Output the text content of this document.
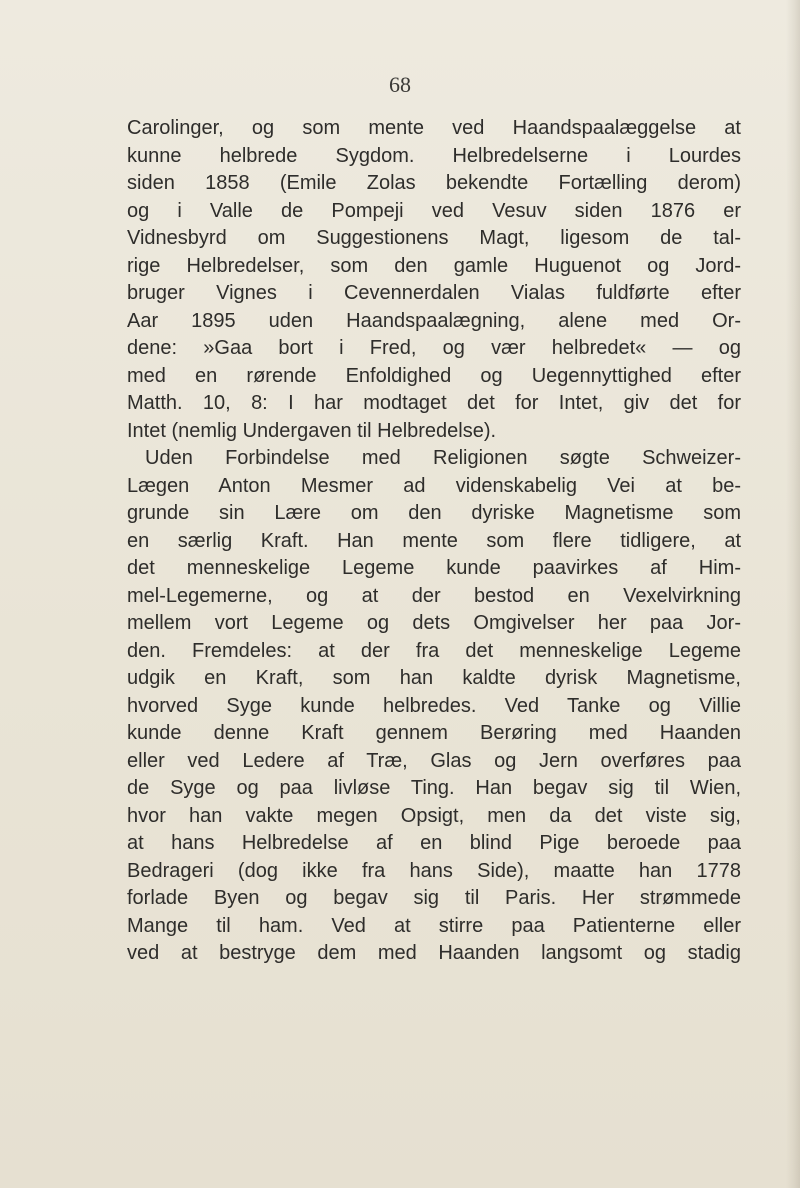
68
Carolinger, og som mente ved Haandspaalæggelse at
kunne helbrede Sygdom. Helbredelserne i Lourdes
siden 1858 (Emile Zolas bekendte Fortælling derom)
og i Valle de Pompeji ved Vesuv siden 1876 er
Vidnesbyrd om Suggestionens Magt, ligesom de tal-
rige Helbredelser, som den gamle Huguenot og Jord-
bruger Vignes i Cevennerdalen Vialas fuldførte efter
Aar 1895 uden Haandspaalægning, alene med Or-
dene: »Gaa bort i Fred, og vær helbredet« — og
med en rørende Enfoldighed og Uegennyttighed efter
Matth. 10, 8: I har modtaget det for Intet, giv det for
Intet (nemlig Undergaven til Helbredelse).
Uden Forbindelse med Religionen søgte Schweizer-
Lægen Anton Mesmer ad videnskabelig Vei at be-
grunde sin Lære om den dyriske Magnetisme som
en særlig Kraft. Han mente som flere tidligere, at
det menneskelige Legeme kunde paavirkes af Him-
mel-Legemerne, og at der bestod en Vexelvirkning
mellem vort Legeme og dets Omgivelser her paa Jor-
den. Fremdeles: at der fra det menneskelige Legeme
udgik en Kraft, som han kaldte dyrisk Magnetisme,
hvorved Syge kunde helbredes. Ved Tanke og Villie
kunde denne Kraft gennem Berøring med Haanden
eller ved Ledere af Træ, Glas og Jern overføres paa
de Syge og paa livløse Ting. Han begav sig til Wien,
hvor han vakte megen Opsigt, men da det viste sig,
at hans Helbredelse af en blind Pige beroede paa
Bedrageri (dog ikke fra hans Side), maatte han 1778
forlade Byen og begav sig til Paris. Her strømmede
Mange til ham. Ved at stirre paa Patienterne eller
ved at bestryge dem med Haanden langsomt og stadig
